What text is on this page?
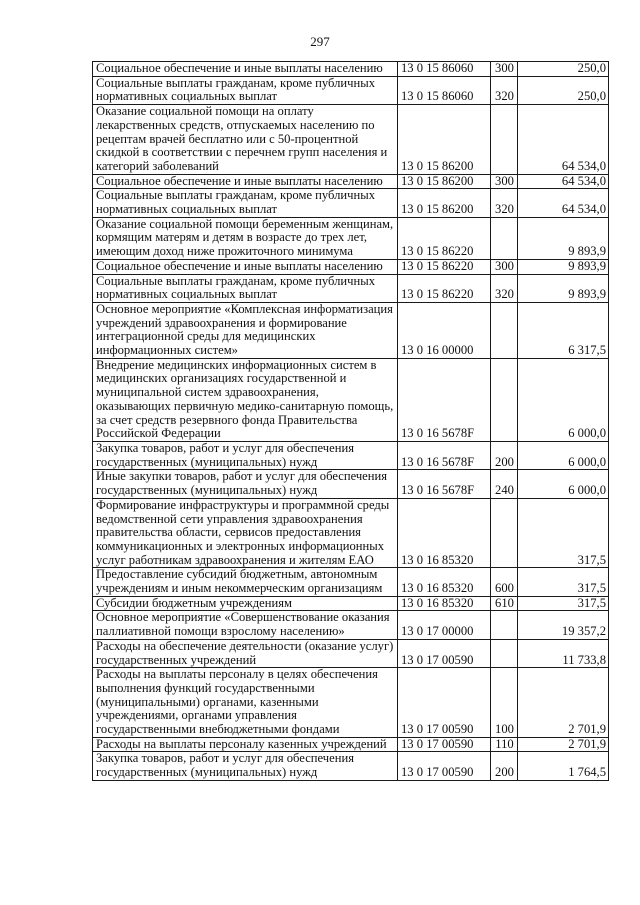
297
Социальное обеспечение и иные выплаты населению	13 0 15 86060	300	250,0
Социальные выплаты гражданам, кроме публичных нормативных социальных выплат	13 0 15 86060	320	250,0
Оказание социальной помощи на оплату лекарственных средств, отпускаемых населению по рецептам врачей бесплатно или с 50-процентной скидкой в соответствии с перечнем групп населения и категорий заболеваний	13 0 15 86200		64 534,0
Социальное обеспечение и иные выплаты населению	13 0 15 86200	300	64 534,0
Социальные выплаты гражданам, кроме публичных нормативных социальных выплат	13 0 15 86200	320	64 534,0
Оказание социальной помощи беременным женщинам, кормящим матерям и детям в возрасте до трех лет, имеющим доход ниже прожиточного минимума	13 0 15 86220		9 893,9
Социальное обеспечение и иные выплаты населению	13 0 15 86220	300	9 893,9
Социальные выплаты гражданам, кроме публичных нормативных социальных выплат	13 0 15 86220	320	9 893,9
Основное мероприятие «Комплексная информатизация учреждений здравоохранения и формирование интеграционной среды для медицинских информационных систем»	13 0 16 00000		6 317,5
Внедрение медицинских информационных систем в медицинских организациях государственной и муниципальной систем здравоохранения, оказывающих первичную медико-санитарную помощь, за счет средств резервного фонда Правительства Российской Федерации	13 0 16 5678F		6 000,0
Закупка товаров, работ и услуг для обеспечения государственных (муниципальных) нужд	13 0 16 5678F	200	6 000,0
Иные закупки товаров, работ и услуг для обеспечения государственных (муниципальных) нужд	13 0 16 5678F	240	6 000,0
Формирование инфраструктуры и программной среды ведомственной сети управления здравоохранения правительства области, сервисов предоставления коммуникационных и электронных информационных услуг работникам здравоохранения и жителям ЕАО	13 0 16 85320		317,5
Предоставление субсидий бюджетным, автономным учреждениям и иным некоммерческим организациям	13 0 16 85320	600	317,5
Субсидии бюджетным учреждениям	13 0 16 85320	610	317,5
Основное мероприятие «Совершенствование оказания паллиативной помощи взрослому населению»	13 0 17 00000		19 357,2
Расходы на обеспечение деятельности (оказание услуг) государственных учреждений	13 0 17 00590		11 733,8
Расходы на выплаты персоналу в целях обеспечения выполнения функций государственными (муниципальными) органами, казенными учреждениями, органами управления государственными внебюджетными фондами	13 0 17 00590	100	2 701,9
Расходы на выплаты персоналу казенных учреждений	13 0 17 00590	110	2 701,9
Закупка товаров, работ и услуг для обеспечения государственных (муниципальных) нужд	13 0 17 00590	200	1 764,5
